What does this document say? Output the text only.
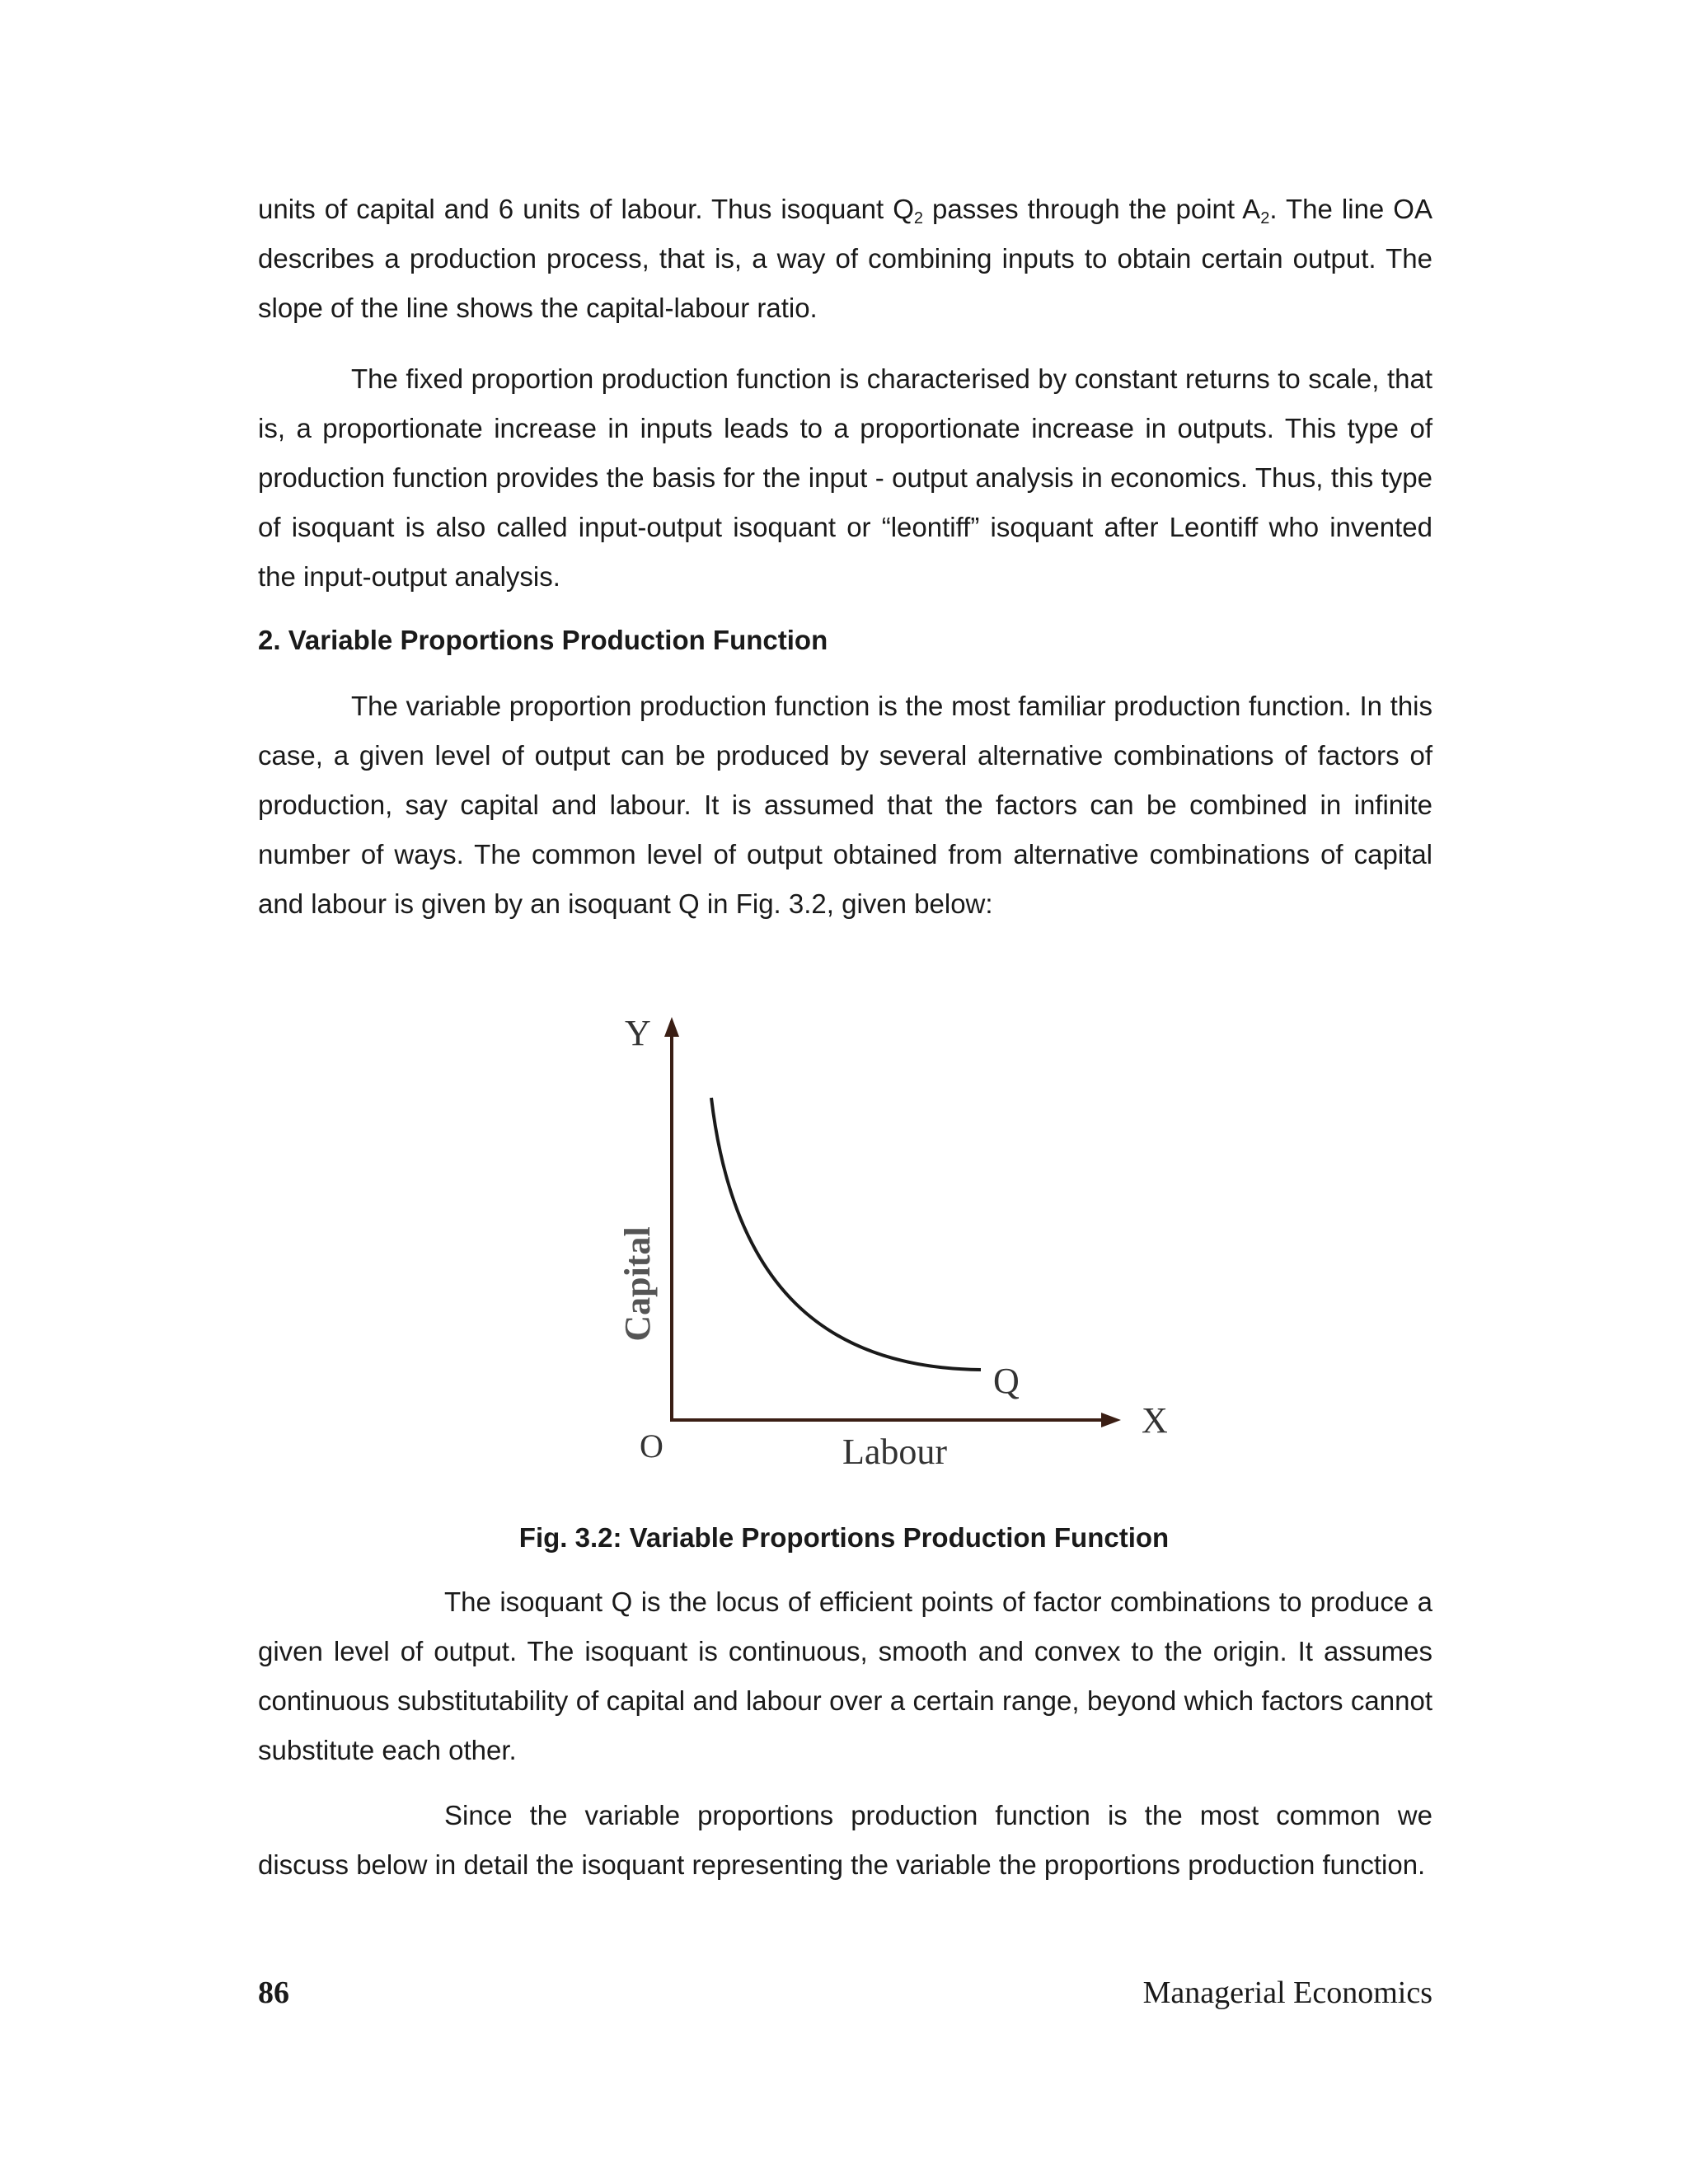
units of capital and 6 units of labour. Thus isoquant $Q_2$ passes through the point $A_2$. The line OA describes a production process, that is, a way of combining inputs to obtain certain output. The slope of the line shows the capital-labour ratio.

The fixed proportion production function is characterised by constant returns to scale, that is, a proportionate increase in inputs leads to a proportionate increase in outputs. This type of production function provides the basis for the input - output analysis in economics. Thus, this type of isoquant is also called input-output isoquant or “leontiff” isoquant after Leontiff who invented the input-output analysis.

2. Variable Proportions Production Function

The variable proportion production function is the most familiar production function. In this case, a given level of output can be produced by several alternative combinations of factors of production, say capital and labour. It is assumed that the factors can be combined in infinite number of ways. The common level of output obtained from alternative combinations of capital and labour is given by an isoquant Q in Fig. 3.2, given below:

Y
X
O
Q
Labour
Capital
Fig. 3.2: Variable Proportions Production Function

The isoquant Q is the locus of efficient points of factor combinations to produce a given level of output. The isoquant is continuous, smooth and convex to the origin. It assumes continuous substitutability of capital and labour over a certain range, beyond which factors cannot substitute each other.

Since the variable proportions production function is the most common we discuss below in detail the isoquant representing the variable the proportions production function.

86	Managerial Economics
